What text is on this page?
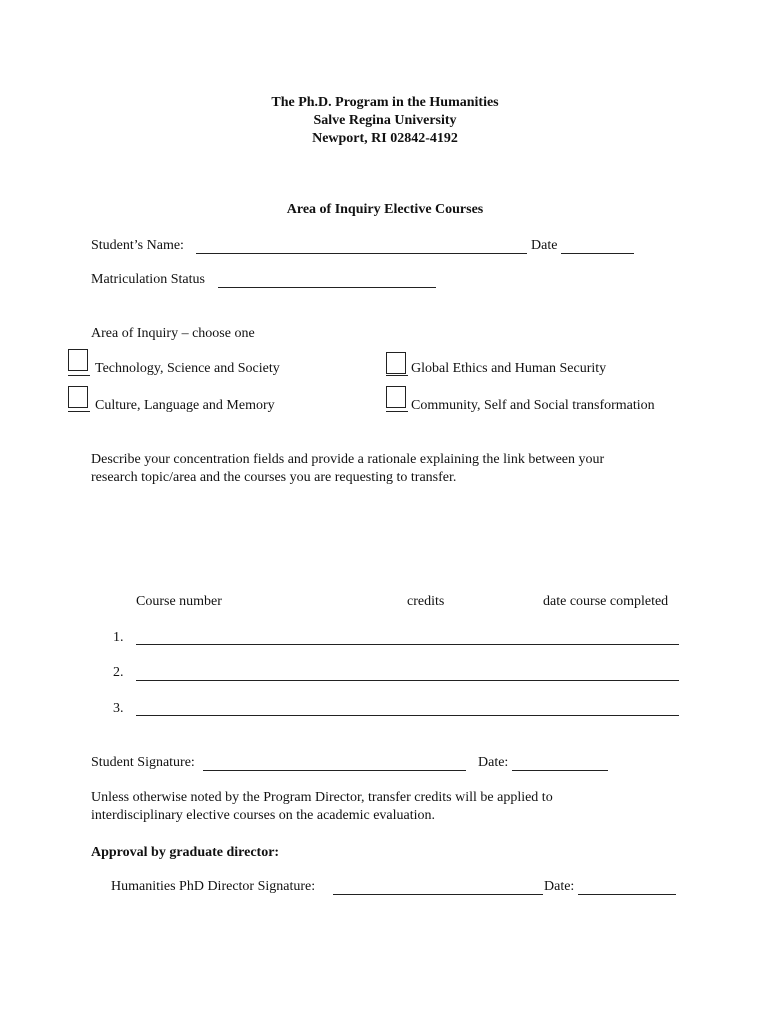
The Ph.D. Program in the Humanities
Salve Regina University
Newport, RI 02842-4192
Area of Inquiry Elective Courses
Student’s Name:	Date
Matriculation Status
Area of Inquiry – choose one
Technology, Science and Society	Global Ethics and Human Security
Culture, Language and Memory	Community, Self and Social transformation
Describe your concentration fields and provide a rationale explaining the link between your
research topic/area and the courses you are requesting to transfer.
Course number	credits	date course completed
1.
2.
3.
Student Signature:	Date:
Unless otherwise noted by the Program Director, transfer credits will be applied to
interdisciplinary elective courses on the academic evaluation.
Approval by graduate director:
Humanities PhD Director Signature:	Date:
